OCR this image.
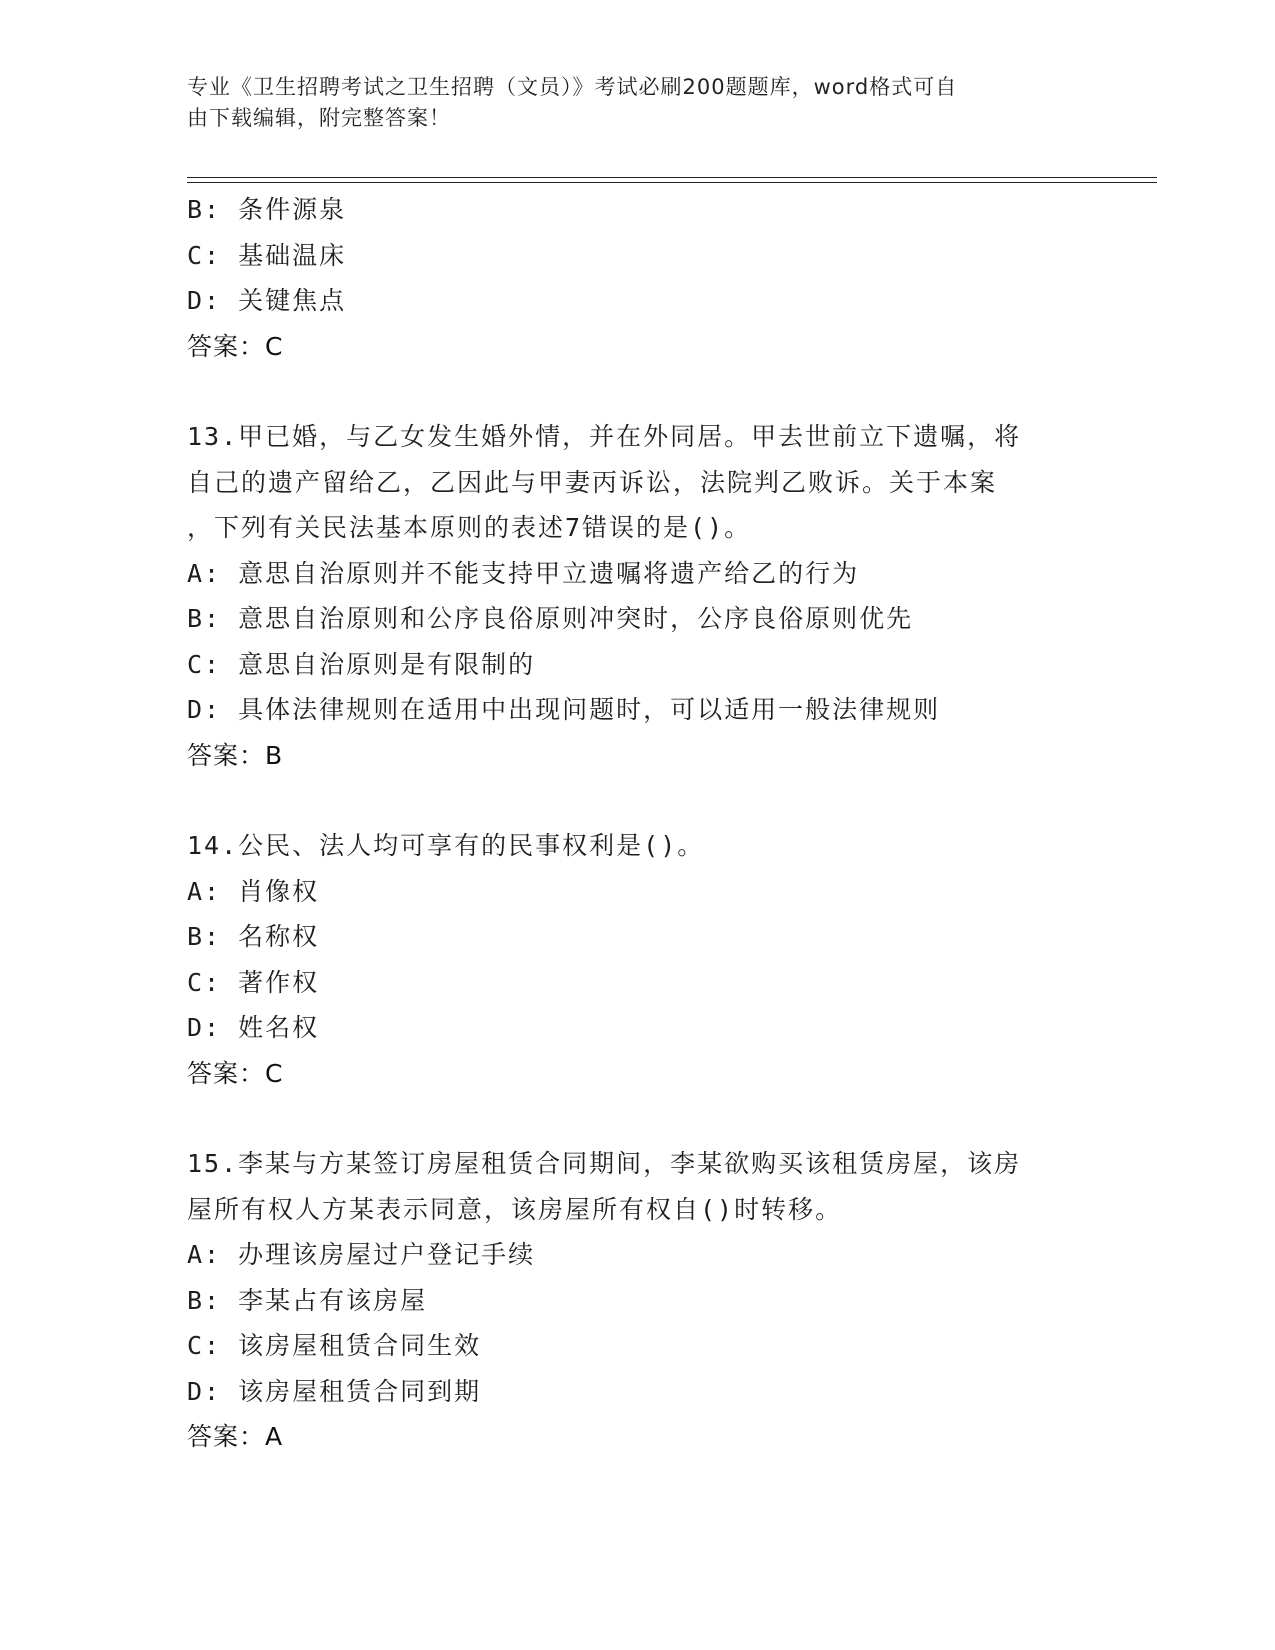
专业《卫生招聘考试之卫生招聘（文员）》考试必刷200题题库，word格式可自
由下载编辑，附完整答案！
B: 条件源泉
C: 基础温床
D: 关键焦点
答案：C
13.甲已婚，与乙女发生婚外情，并在外同居。甲去世前立下遗嘱，将
自己的遗产留给乙，乙因此与甲妻丙诉讼，法院判乙败诉。关于本案
，下列有关民法基本原则的表述7错误的是()。
A: 意思自治原则并不能支持甲立遗嘱将遗产给乙的行为
B: 意思自治原则和公序良俗原则冲突时，公序良俗原则优先
C: 意思自治原则是有限制的
D: 具体法律规则在适用中出现问题时，可以适用一般法律规则
答案：B
14.公民、法人均可享有的民事权利是()。
A: 肖像权
B: 名称权
C: 著作权
D: 姓名权
答案：C
15.李某与方某签订房屋租赁合同期间，李某欲购买该租赁房屋，该房
屋所有权人方某表示同意，该房屋所有权自()时转移。
A: 办理该房屋过户登记手续
B: 李某占有该房屋
C: 该房屋租赁合同生效
D: 该房屋租赁合同到期
答案：A
